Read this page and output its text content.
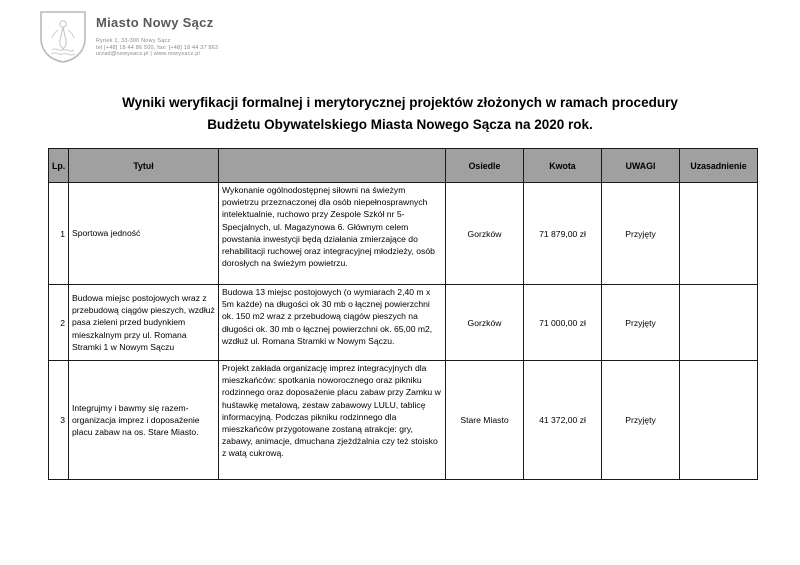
Miasto Nowy Sącz
Rynek 1, 33-300 Nowy Sącz
tel [+48] 18 44 86 500, fax: [+48] 18 44 37 863
urzad@nowysacz.pl | www.nowysacz.pl
Wyniki weryfikacji formalnej i merytorycznej projektów złożonych w ramach procedury
Budżetu Obywatelskiego Miasta Nowego Sącza na 2020 rok.
Lp.	Tytuł		Osiedle	Kwota	UWAGI	Uzasadnienie
1	Sportowa jedność	Wykonanie ogólnodostępnej siłowni na świeżym powietrzu przeznaczonej dla osób niepełnosprawnych intelektualnie, ruchowo przy Zespole Szkół nr 5- Specjalnych, ul. Magazynowa 6. Głównym celem powstania inwestycji będą działania zmierzające do rehabilitacji ruchowej oraz integracyjnej młodzieży, osób dorosłych na świeżym powietrzu.	Gorzków	71 879,00 zł	Przyjęty	
2	Budowa miejsc postojowych wraz z przebudową ciągów pieszych, wzdłuż pasa zieleni przed budynkiem mieszkalnym przy ul. Romana Stramki 1 w Nowym Sączu	Budowa 13 miejsc postojowych (o wymiarach 2,40 m x 5m każde) na długości ok 30 mb o łącznej powierzchni ok. 150 m2 wraz z przebudową ciągów pieszych na długości ok. 30 mb o łącznej powierzchni ok. 65,00 m2, wzdłuż ul. Romana Stramki w Nowym Sączu.	Gorzków	71 000,00 zł	Przyjęty	
3	Integrujmy i bawmy się razem- organizacja imprez i doposażenie placu zabaw na os. Stare Miasto.	Projekt zakłada organizację imprez integracyjnych dla mieszkańców: spotkania noworocznego oraz pikniku rodzinnego oraz doposażenie placu zabaw przy Zamku w huśtawkę metalową, zestaw zabawowy LULU, tablicę informacyjną. Podczas pikniku rodzinnego dla mieszkańców przygotowane zostaną atrakcje: gry, zabawy, animacje, dmuchana zjeżdżalnia czy też stoisko z watą cukrową.	Stare Miasto	41 372,00 zł	Przyjęty	
